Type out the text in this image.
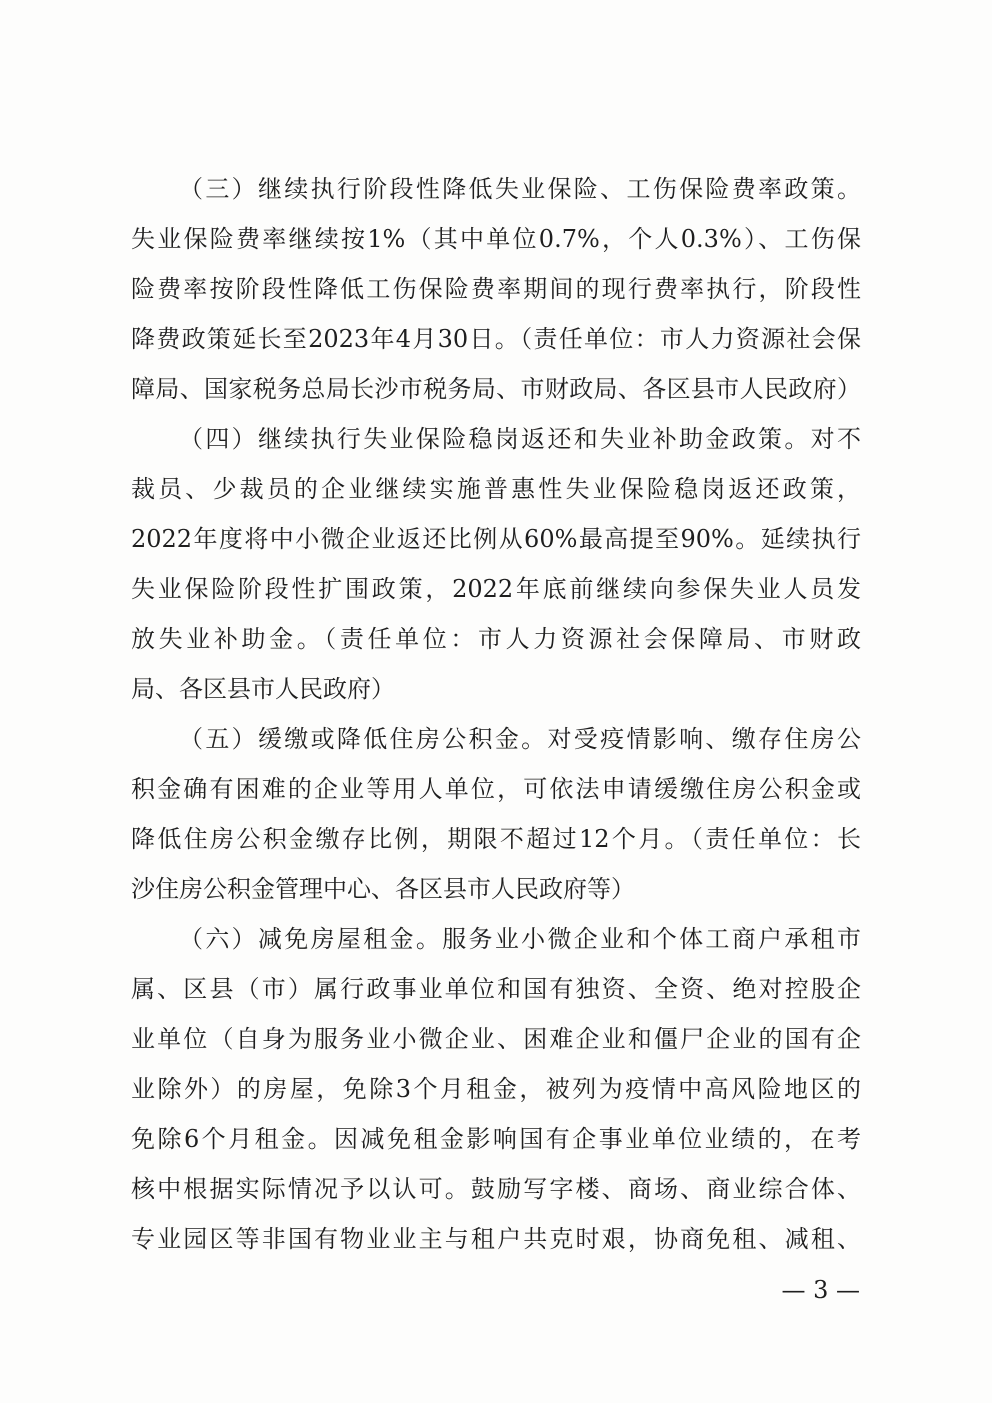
（三）继续执行阶段性降低失业保险、工伤保险费率政策。
失业保险费率继续按1%（其中单位0.7%，个人0.3%）、工伤保
险费率按阶段性降低工伤保险费率期间的现行费率执行，阶段性
降费政策延长至2023年4月30日。（责任单位：市人力资源社会保
障局、国家税务总局长沙市税务局、市财政局、各区县市人民政府）
（四）继续执行失业保险稳岗返还和失业补助金政策。对不
裁员、少裁员的企业继续实施普惠性失业保险稳岗返还政策，
2022年度将中小微企业返还比例从60%最高提至90%。延续执行
失业保险阶段性扩围政策，2022年底前继续向参保失业人员发
放失业补助金。（责任单位：市人力资源社会保障局、市财政
局、各区县市人民政府）
（五）缓缴或降低住房公积金。对受疫情影响、缴存住房公
积金确有困难的企业等用人单位，可依法申请缓缴住房公积金或
降低住房公积金缴存比例，期限不超过12个月。（责任单位：长
沙住房公积金管理中心、各区县市人民政府等）
（六）减免房屋租金。服务业小微企业和个体工商户承租市
属、区县（市）属行政事业单位和国有独资、全资、绝对控股企
业单位（自身为服务业小微企业、困难企业和僵尸企业的国有企
业除外）的房屋，免除3个月租金，被列为疫情中高风险地区的
免除6个月租金。因减免租金影响国有企事业单位业绩的，在考
核中根据实际情况予以认可。鼓励写字楼、商场、商业综合体、
专业园区等非国有物业业主与租户共克时艰，协商免租、减租、
— 3 —
